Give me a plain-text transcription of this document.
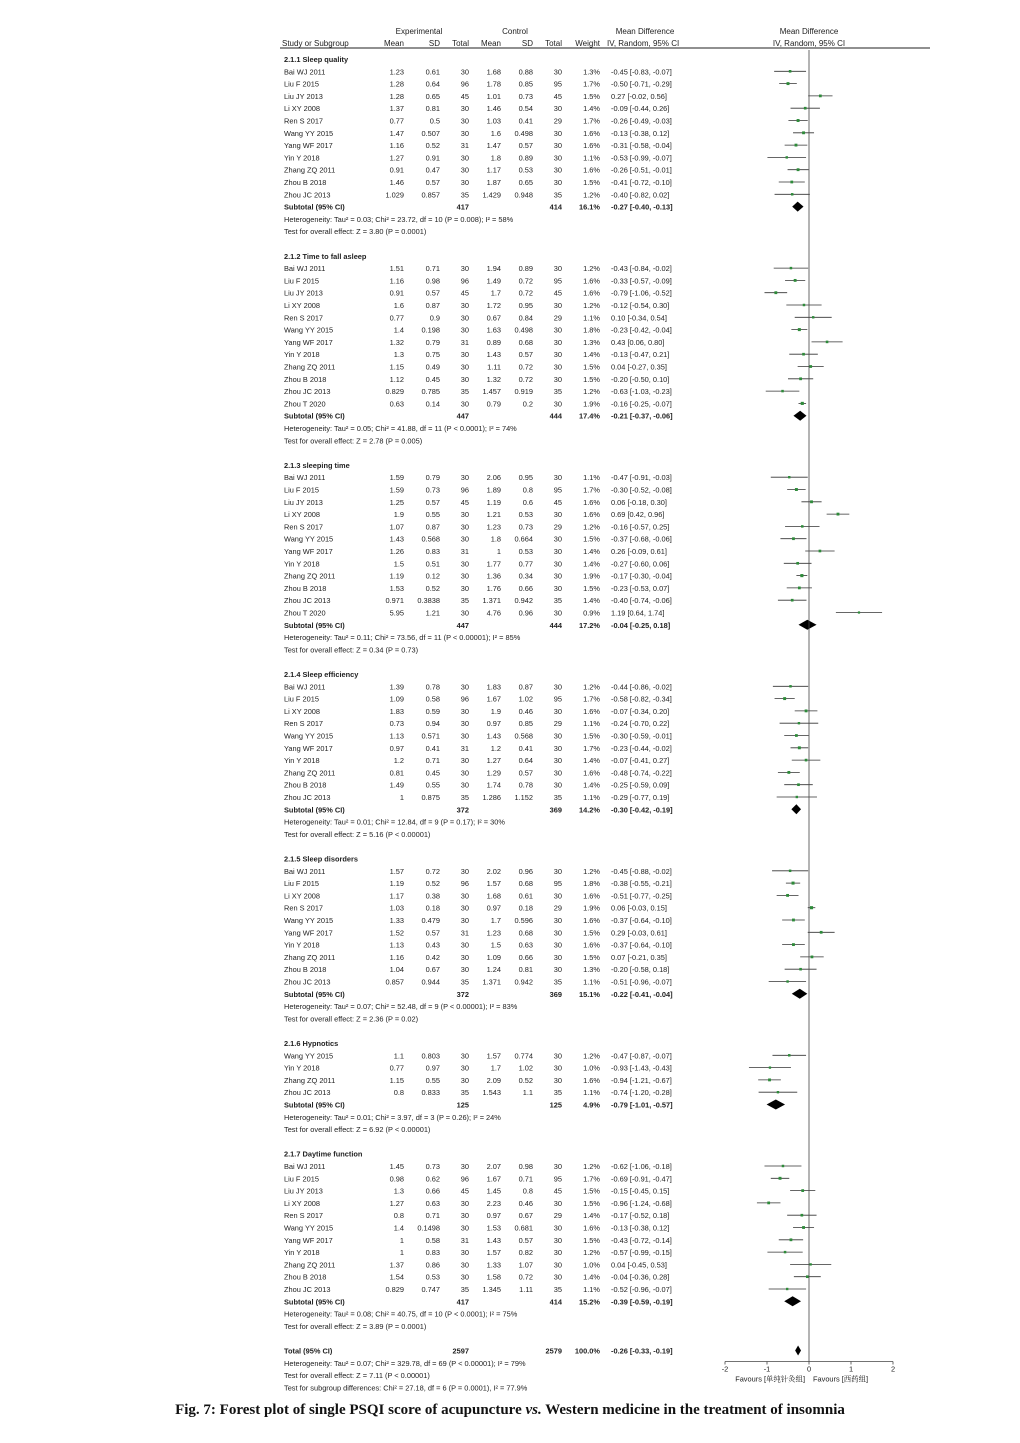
Experimental	Control	Mean Difference	Mean Difference
Study or Subgroup	Mean	SD Total Mean	SD Total Weight IV, Random, 95% CI	IV, Random, 95% CI
2.1.1 Sleep quality
Bai WJ 2011	1.23	0.61	30 1.68 0.88	30	1.3% -0.45 [-0.83, -0.07]
Liu F 2015	1.28	0.64	96 1.78 0.85	95	1.7% -0.50 [-0.71, -0.29]
Liu JY 2013	1.28	0.65	45 1.01 0.73	45	1.5% 0.27 [-0.02, 0.56]
Li XY 2008	1.37	0.81	30 1.46 0.54	30	1.4% -0.09 [-0.44, 0.26]
Ren S 2017	0.77	0.5	30 1.03 0.41	29	1.7% -0.26 [-0.49, -0.03]
Wang YY 2015	1.47 0.507	30	1.6 0.498	30	1.6% -0.13 [-0.38, 0.12]
Yang WF 2017	1.16	0.52	31 1.47 0.57	30	1.6% -0.31 [-0.58, -0.04]
Yin Y 2018	1.27	0.91	30	1.8 0.89	30	1.1% -0.53 [-0.99, -0.07]
Zhang ZQ 2011	0.91	0.47	30 1.17 0.53	30	1.6% -0.26 [-0.51, -0.01]
Zhou B 2018	1.46	0.57	30 1.87 0.65	30	1.5% -0.41 [-0.72, -0.10]
Zhou JC 2013	1.029 0.857	35 1.429 0.948	35	1.2% -0.40 [-0.82, 0.02]
Subtotal (95% CI)	417	414 16.1% -0.27 [-0.40, -0.13]
Heterogeneity: Tau² = 0.03; Chi² = 23.72, df = 10 (P = 0.008); I² = 58%
Test for overall effect: Z = 3.80 (P = 0.0001)
2.1.2 Time to fall asleep
Bai WJ 2011	1.51	0.71	30 1.94 0.89	30	1.2% -0.43 [-0.84, -0.02]
Liu F 2015	1.16	0.98	96 1.49 0.72	95	1.6% -0.33 [-0.57, -0.09]
Liu JY 2013	0.91	0.57	45	1.7 0.72	45	1.6% -0.79 [-1.06, -0.52]
Li XY 2008	1.6	0.87	30 1.72 0.95	30	1.2% -0.12 [-0.54, 0.30]
Ren S 2017	0.77	0.9	30 0.67 0.84	29	1.1% 0.10 [-0.34, 0.54]
Wang YY 2015	1.4 0.198	30 1.63 0.498	30	1.8% -0.23 [-0.42, -0.04]
Yang WF 2017	1.32	0.79	31 0.89 0.68	30	1.3% 0.43 [0.06, 0.80]
Yin Y 2018	1.3	0.75	30 1.43 0.57	30	1.4% -0.13 [-0.47, 0.21]
Zhang ZQ 2011	1.15	0.49	30 1.11 0.72	30	1.5% 0.04 [-0.27, 0.35]
Zhou B 2018	1.12	0.45	30 1.32 0.72	30	1.5% -0.20 [-0.50, 0.10]
Zhou JC 2013	0.829 0.785	35 1.457 0.919	35	1.2% -0.63 [-1.03, -0.23]
Zhou T 2020	0.63	0.14	30 0.79	0.2	30	1.9% -0.16 [-0.25, -0.07]
Subtotal (95% CI)	447	444 17.4% -0.21 [-0.37, -0.06]
Heterogeneity: Tau² = 0.05; Chi² = 41.88, df = 11 (P < 0.0001); I² = 74%
Test for overall effect: Z = 2.78 (P = 0.005)
2.1.3 sleeping time
Bai WJ 2011	1.59	0.79	30 2.06 0.95	30	1.1% -0.47 [-0.91, -0.03]
Liu F 2015	1.59	0.73	96 1.89	0.8	95	1.7% -0.30 [-0.52, -0.08]
Liu JY 2013	1.25	0.57	45 1.19	0.6	45	1.6% 0.06 [-0.18, 0.30]
Li XY 2008	1.9	0.55	30 1.21 0.53	30	1.6% 0.69 [0.42, 0.96]
Ren S 2017	1.07	0.87	30 1.23 0.73	29	1.2% -0.16 [-0.57, 0.25]
Wang YY 2015	1.43 0.568	30	1.8 0.664	30	1.5% -0.37 [-0.68, -0.06]
Yang WF 2017	1.26	0.83	31	1 0.53	30	1.4% 0.26 [-0.09, 0.61]
Yin Y 2018	1.5	0.51	30 1.77 0.77	30	1.4% -0.27 [-0.60, 0.06]
Zhang ZQ 2011	1.19	0.12	30 1.36 0.34	30	1.9% -0.17 [-0.30, -0.04]
Zhou B 2018	1.53	0.52	30 1.76 0.66	30	1.5% -0.23 [-0.53, 0.07]
Zhou JC 2013	0.971 0.3838	35 1.371 0.942	35	1.4% -0.40 [-0.74, -0.06]
Zhou T 2020	5.95	1.21	30 4.76 0.96	30	0.9% 1.19 [0.64, 1.74]
Subtotal (95% CI)	447	444 17.2% -0.04 [-0.25, 0.18]
Heterogeneity: Tau² = 0.11; Chi² = 73.56, df = 11 (P < 0.00001); I² = 85%
Test for overall effect: Z = 0.34 (P = 0.73)
2.1.4 Sleep efficiency
Bai WJ 2011	1.39	0.78	30 1.83 0.87	30	1.2% -0.44 [-0.86, -0.02]
Liu F 2015	1.09	0.58	96 1.67 1.02	95	1.7% -0.58 [-0.82, -0.34]
Li XY 2008	1.83	0.59	30	1.9 0.46	30	1.6% -0.07 [-0.34, 0.20]
Ren S 2017	0.73	0.94	30 0.97 0.85	29	1.1% -0.24 [-0.70, 0.22]
Wang YY 2015	1.13 0.571	30 1.43 0.568	30	1.5% -0.30 [-0.59, -0.01]
Yang WF 2017	0.97	0.41	31	1.2 0.41	30	1.7% -0.23 [-0.44, -0.02]
Yin Y 2018	1.2	0.71	30 1.27 0.64	30	1.4% -0.07 [-0.41, 0.27]
Zhang ZQ 2011	0.81	0.45	30 1.29 0.57	30	1.6% -0.48 [-0.74, -0.22]
Zhou B 2018	1.49	0.55	30 1.74 0.78	30	1.4% -0.25 [-0.59, 0.09]
Zhou JC 2013	1 0.875	35 1.286 1.152	35	1.1% -0.29 [-0.77, 0.19]
Subtotal (95% CI)	372	369 14.2% -0.30 [-0.42, -0.19]
Heterogeneity: Tau² = 0.01; Chi² = 12.84, df = 9 (P = 0.17); I² = 30%
Test for overall effect: Z = 5.16 (P < 0.00001)
2.1.5 Sleep disorders
Bai WJ 2011	1.57	0.72	30 2.02 0.96	30	1.2% -0.45 [-0.88, -0.02]
Liu F 2015	1.19	0.52	96 1.57 0.68	95	1.8% -0.38 [-0.55, -0.21]
Li XY 2008	1.17	0.38	30 1.68 0.61	30	1.6% -0.51 [-0.77, -0.25]
Ren S 2017	1.03	0.18	30 0.97 0.18	29	1.9% 0.06 [-0.03, 0.15]
Wang YY 2015	1.33 0.479	30	1.7 0.596	30	1.6% -0.37 [-0.64, -0.10]
Yang WF 2017	1.52	0.57	31 1.23 0.68	30	1.5% 0.29 [-0.03, 0.61]
Yin Y 2018	1.13	0.43	30	1.5 0.63	30	1.6% -0.37 [-0.64, -0.10]
Zhang ZQ 2011	1.16	0.42	30 1.09 0.66	30	1.5% 0.07 [-0.21, 0.35]
Zhou B 2018	1.04	0.67	30 1.24 0.81	30	1.3% -0.20 [-0.58, 0.18]
Zhou JC 2013	0.857 0.944	35 1.371 0.942	35	1.1% -0.51 [-0.96, -0.07]
Subtotal (95% CI)	372	369 15.1% -0.22 [-0.41, -0.04]
Heterogeneity: Tau² = 0.07; Chi² = 52.48, df = 9 (P < 0.00001); I² = 83%
Test for overall effect: Z = 2.36 (P = 0.02)
2.1.6 Hypnotics
Wang YY 2015	1.1 0.803	30 1.57 0.774	30	1.2% -0.47 [-0.87, -0.07]
Yin Y 2018	0.77	0.97	30	1.7 1.02	30	1.0% -0.93 [-1.43, -0.43]
Zhang ZQ 2011	1.15	0.55	30 2.09 0.52	30	1.6% -0.94 [-1.21, -0.67]
Zhou JC 2013	0.8 0.833	35 1.543	1.1	35	1.1% -0.74 [-1.20, -0.28]
Subtotal (95% CI)	125	125	4.9% -0.79 [-1.01, -0.57]
Heterogeneity: Tau² = 0.01; Chi² = 3.97, df = 3 (P = 0.26); I² = 24%
Test for overall effect: Z = 6.92 (P < 0.00001)
2.1.7 Daytime function
Bai WJ 2011	1.45	0.73	30 2.07 0.98	30	1.2% -0.62 [-1.06, -0.18]
Liu F 2015	0.98	0.62	96 1.67 0.71	95	1.7% -0.69 [-0.91, -0.47]
Liu JY 2013	1.3	0.66	45 1.45	0.8	45	1.5% -0.15 [-0.45, 0.15]
Li XY 2008	1.27	0.63	30 2.23 0.46	30	1.5% -0.96 [-1.24, -0.68]
Ren S 2017	0.8	0.71	30 0.97 0.67	29	1.4% -0.17 [-0.52, 0.18]
Wang YY 2015	1.4 0.1498	30 1.53 0.681	30	1.6% -0.13 [-0.38, 0.12]
Yang WF 2017	1	0.58	31 1.43 0.57	30	1.5% -0.43 [-0.72, -0.14]
Yin Y 2018	1	0.83	30 1.57 0.82	30	1.2% -0.57 [-0.99, -0.15]
Zhang ZQ 2011	1.37	0.86	30 1.33 1.07	30	1.0% 0.04 [-0.45, 0.53]
Zhou B 2018	1.54	0.53	30 1.58 0.72	30	1.4% -0.04 [-0.36, 0.28]
Zhou JC 2013	0.829 0.747	35 1.345 1.11	35	1.1% -0.52 [-0.96, -0.07]
Subtotal (95% CI)	417	414 15.2% -0.39 [-0.59, -0.19]
Heterogeneity: Tau² = 0.08; Chi² = 40.75, df = 10 (P < 0.0001); I² = 75%
Test for overall effect: Z = 3.89 (P = 0.0001)
Total (95% CI)	2597	2579 100.0% -0.26 [-0.33, -0.19]
Heterogeneity: Tau² = 0.07; Chi² = 329.78, df = 69 (P < 0.00001); I² = 79%
Test for overall effect: Z = 7.11 (P < 0.00001)
Test for subgroup differences: Chi² = 27.18, df = 6 (P = 0.0001), I² = 77.9%
-2	-1	0	1	2
Favours [单纯针灸组] Favours [西药组]
Fig. 7: Forest plot of single PSQI score of acupuncture vs. Western medicine in the treatment of insomnia
